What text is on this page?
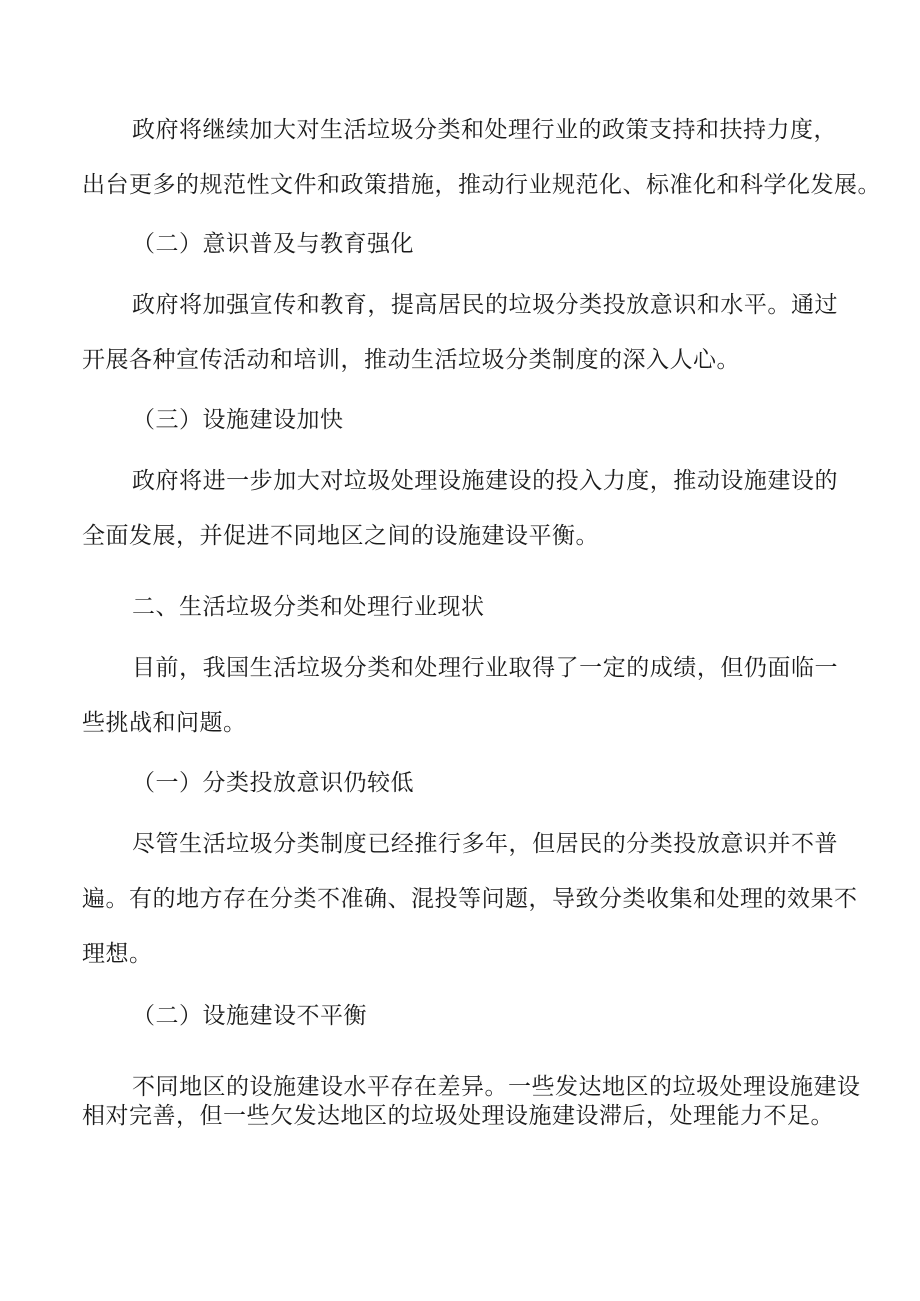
政府将继续加大对生活垃圾分类和处理行业的政策支持和扶持力度，
出台更多的规范性文件和政策措施，推动行业规范化、标准化和科学化发展。
（二）意识普及与教育强化
政府将加强宣传和教育，提高居民的垃圾分类投放意识和水平。通过
开展各种宣传活动和培训，推动生活垃圾分类制度的深入人心。
（三）设施建设加快
政府将进一步加大对垃圾处理设施建设的投入力度，推动设施建设的
全面发展，并促进不同地区之间的设施建设平衡。
二、生活垃圾分类和处理行业现状
目前，我国生活垃圾分类和处理行业取得了一定的成绩，但仍面临一
些挑战和问题。
（一）分类投放意识仍较低
尽管生活垃圾分类制度已经推行多年，但居民的分类投放意识并不普
遍。有的地方存在分类不准确、混投等问题，导致分类收集和处理的效果不
理想。
（二）设施建设不平衡
不同地区的设施建设水平存在差异。一些发达地区的垃圾处理设施建设
相对完善，但一些欠发达地区的垃圾处理设施建设滞后，处理能力不足。
